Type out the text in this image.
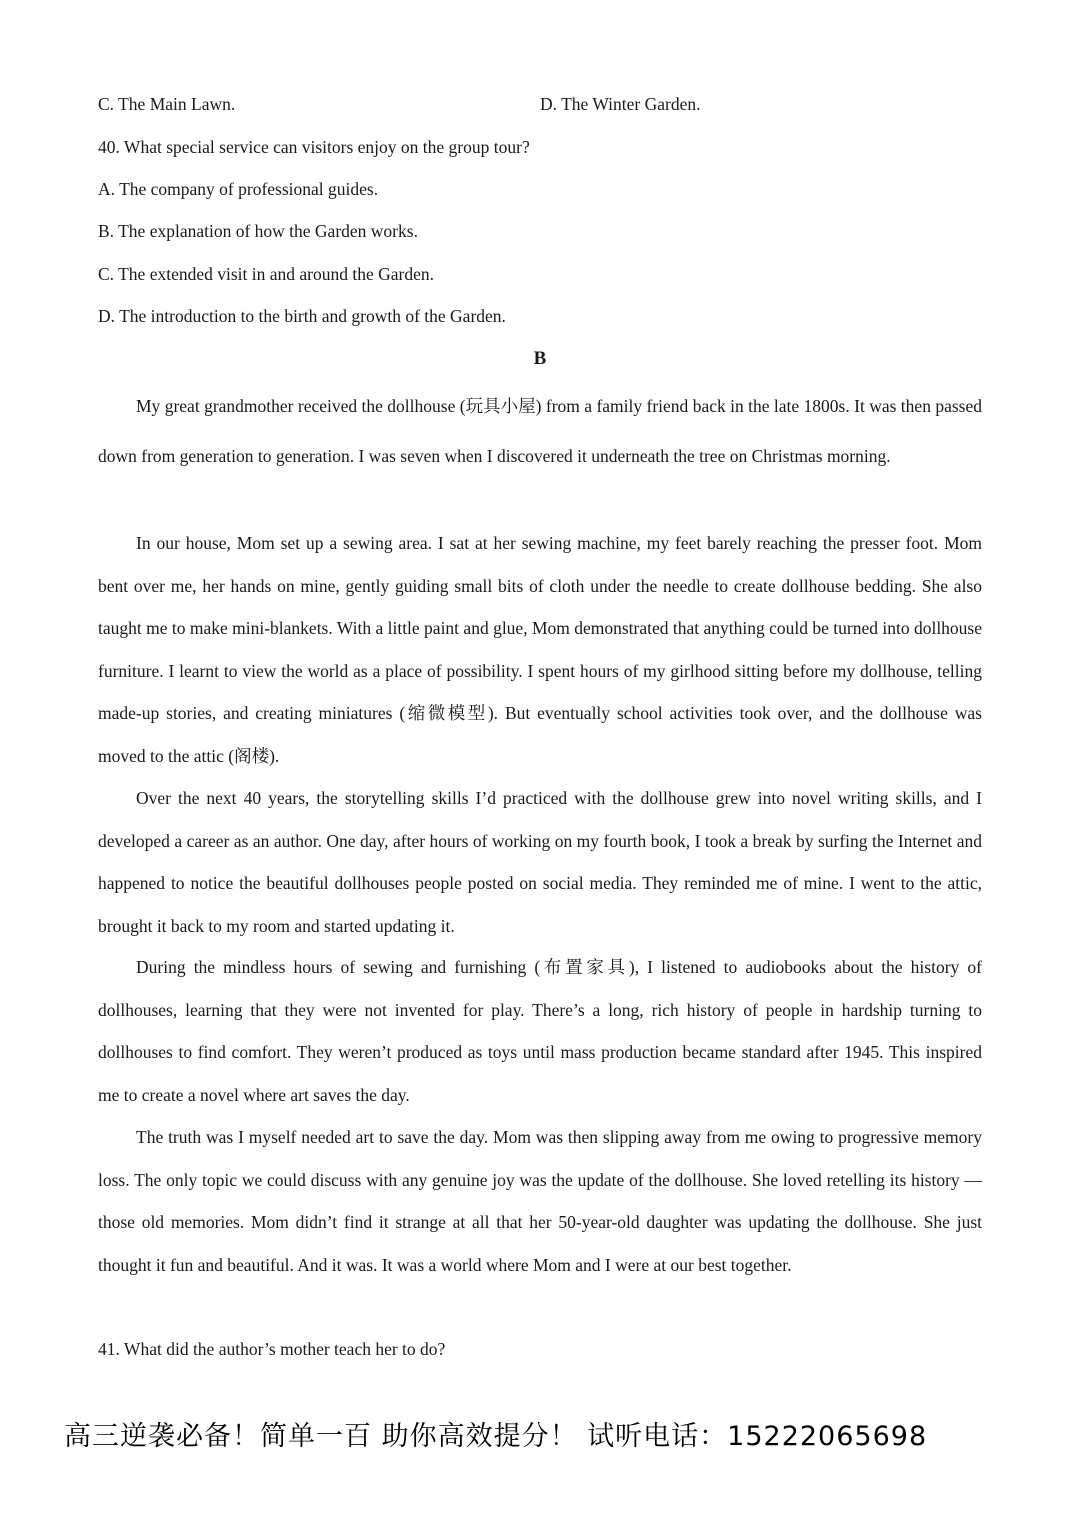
C. The Main Lawn.	D. The Winter Garden.
40. What special service can visitors enjoy on the group tour?
A. The company of professional guides.
B. The explanation of how the Garden works.
C. The extended visit in and around the Garden.
D. The introduction to the birth and growth of the Garden.
B
My great grandmother received the dollhouse (玩具小屋) from a family friend back in the late 1800s. It was then passed down from generation to generation. I was seven when I discovered it underneath the tree on Christmas morning.
In our house, Mom set up a sewing area. I sat at her sewing machine, my feet barely reaching the presser foot. Mom bent over me, her hands on mine, gently guiding small bits of cloth under the needle to create dollhouse bedding. She also taught me to make mini-blankets. With a little paint and glue, Mom demonstrated that anything could be turned into dollhouse furniture. I learnt to view the world as a place of possibility. I spent hours of my girlhood sitting before my dollhouse, telling made-up stories, and creating miniatures (缩微模型). But eventually school activities took over, and the dollhouse was moved to the attic (阁楼).
Over the next 40 years, the storytelling skills I’d practiced with the dollhouse grew into novel writing skills, and I developed a career as an author. One day, after hours of working on my fourth book, I took a break by surfing the Internet and happened to notice the beautiful dollhouses people posted on social media. They reminded me of mine. I went to the attic, brought it back to my room and started updating it.
During the mindless hours of sewing and furnishing (布置家具), I listened to audiobooks about the history of dollhouses, learning that they were not invented for play. There’s a long, rich history of people in hardship turning to dollhouses to find comfort. They weren’t produced as toys until mass production became standard after 1945. This inspired me to create a novel where art saves the day.
The truth was I myself needed art to save the day. Mom was then slipping away from me owing to progressive memory loss. The only topic we could discuss with any genuine joy was the update of the dollhouse. She loved retelling its history — those old memories. Mom didn’t find it strange at all that her 50-year-old daughter was updating the dollhouse. She just thought it fun and beautiful. And it was. It was a world where Mom and I were at our best together.
41. What did the author’s mother teach her to do?
高三逆袭必备！简单一百 助你高效提分！ 试听电话：15222065698
